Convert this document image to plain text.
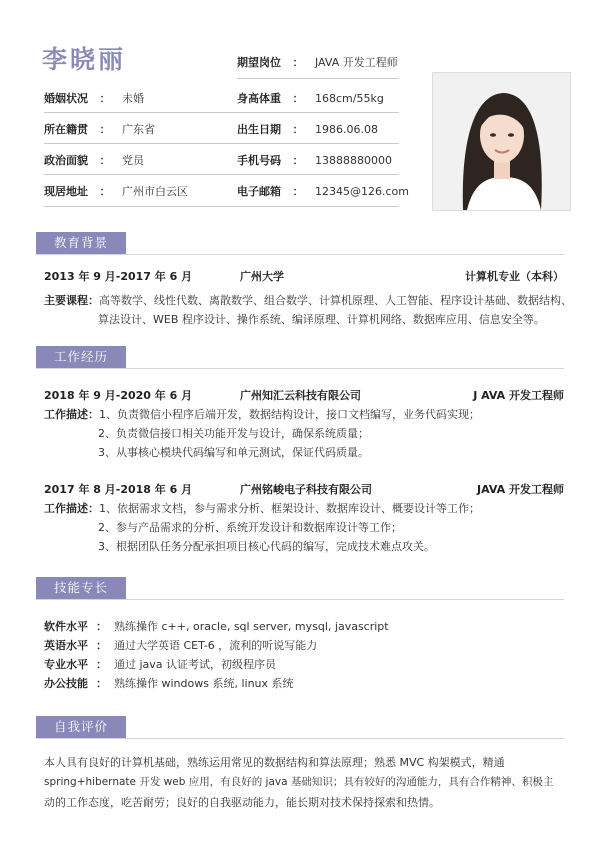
李晓丽	期望岗位 ： JAVA 开发工程师
婚姻状况 ： 未婚	身高体重 ： 168cm/55kg
所在籍贯 ： 广东省	出生日期 ： 1986.06.08
政治面貌 ： 党员	手机号码 ： 13888880000
现居地址 ： 广州市白云区	电子邮箱 ： 12345@126.com
教育背景
2013 年 9 月-2017 年 6 月	广州大学	计算机专业（本科）
主要课程：高等数学、线性代数、离散数学、组合数学、计算机原理、人工智能、程序设计基础、数据结构、
算法设计、WEB 程序设计、操作系统、编译原理、计算机网络、数据库应用、信息安全等。
工作经历
2018 年 9 月-2020 年 6 月	广州知汇云科技有限公司	J AVA 开发工程师
工作描述：1、负责微信小程序后端开发，数据结构设计，接口文档编写，业务代码实现；
2、负责微信接口相关功能开发与设计，确保系统质量；
3、从事核心模块代码编写和单元测试，保证代码质量。
2017 年 8 月-2018 年 6 月	广州铭峻电子科技有限公司	JAVA 开发工程师
工作描述：1、依据需求文档，参与需求分析、框架设计、数据库设计、概要设计等工作；
2、参与产品需求的分析、系统开发设计和数据库设计等工作；
3、根据团队任务分配承担项目核心代码的编写，完成技术难点攻关。
技能专长
软件水平 ： 熟练操作 c++, oracle, sql server, mysql, javascript
英语水平 ： 通过大学英语 CET-6 ，流利的听说写能力
专业水平 ： 通过 java 认证考试，初级程序员
办公技能 ： 熟练操作 windows 系统, linux 系统
自我评价
本人具有良好的计算机基础，熟练运用常见的数据结构和算法原理；熟悉 MVC 构架模式，精通
spring+hibernate 开发 web 应用，有良好的 java 基础知识；具有较好的沟通能力，具有合作精神、积极主
动的工作态度，吃苦耐劳；良好的自我驱动能力，能长期对技术保持探索和热情。
